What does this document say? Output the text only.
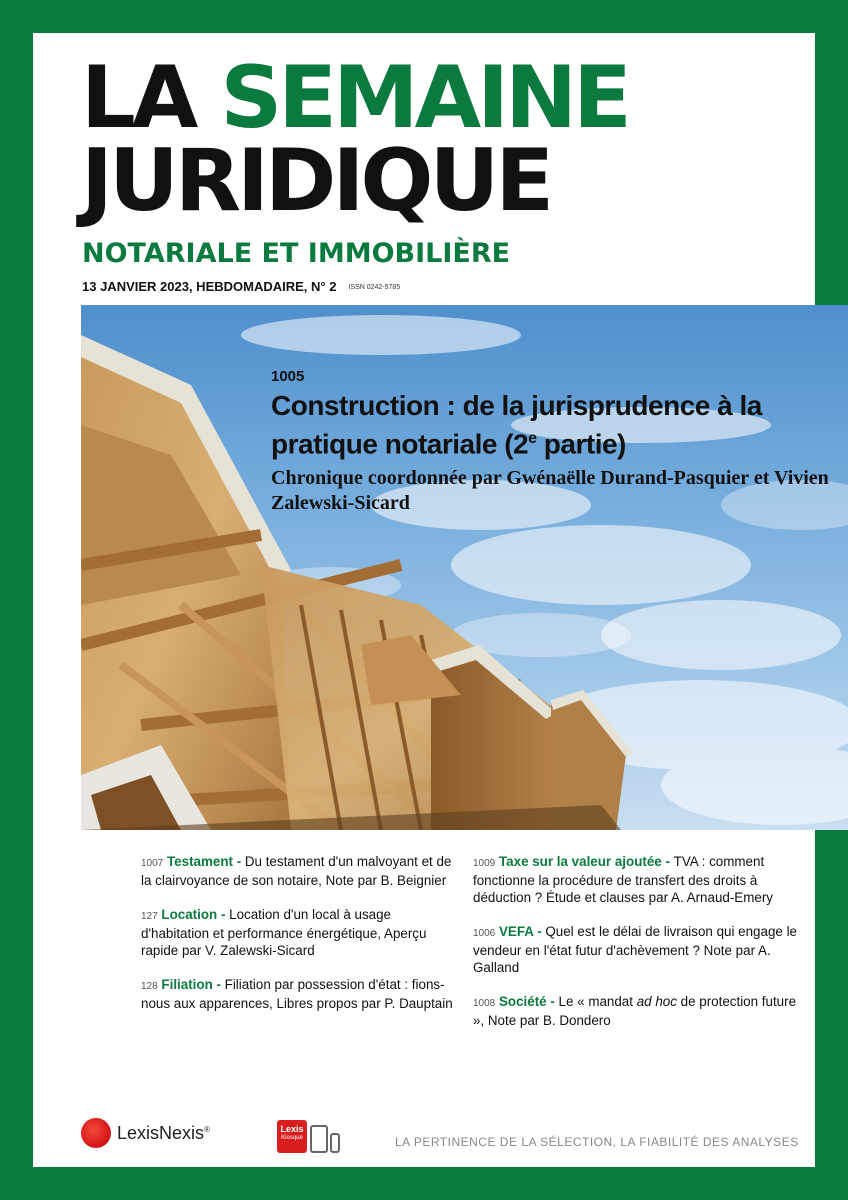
LA SEMAINE
JURIDIQUE
NOTARIALE ET IMMOBILIÈRE
13 JANVIER 2023, HEBDOMADAIRE, N° 2 ISSN 0242-5785
1005
Construction : de la jurisprudence à la pratique notariale (2e partie)
Chronique coordonnée par Gwénaëlle Durand-Pasquier et Vivien Zalewski-Sicard
1007 Testament - Du testament d'un malvoyant et de la clairvoyance de son notaire, Note par B. Beignier
127 Location - Location d'un local à usage d'habitation et performance énergétique, Aperçu rapide par V. Zalewski-Sicard
128 Filiation - Filiation par possession d'état : fions-nous aux apparences, Libres propos par P. Dauptain
1009 Taxe sur la valeur ajoutée - TVA : comment fonctionne la procédure de transfert des droits à déduction ? Étude et clauses par A. Arnaud-Emery
1006 VEFA - Quel est le délai de livraison qui engage le vendeur en l'état futur d'achèvement ? Note par A. Galland
1008 Société - Le « mandat ad hoc de protection future », Note par B. Dondero
LexisNexis®	Lexis
Kiosque	LA PERTINENCE DE LA SÉLECTION, LA FIABILITÉ DES ANALYSES
